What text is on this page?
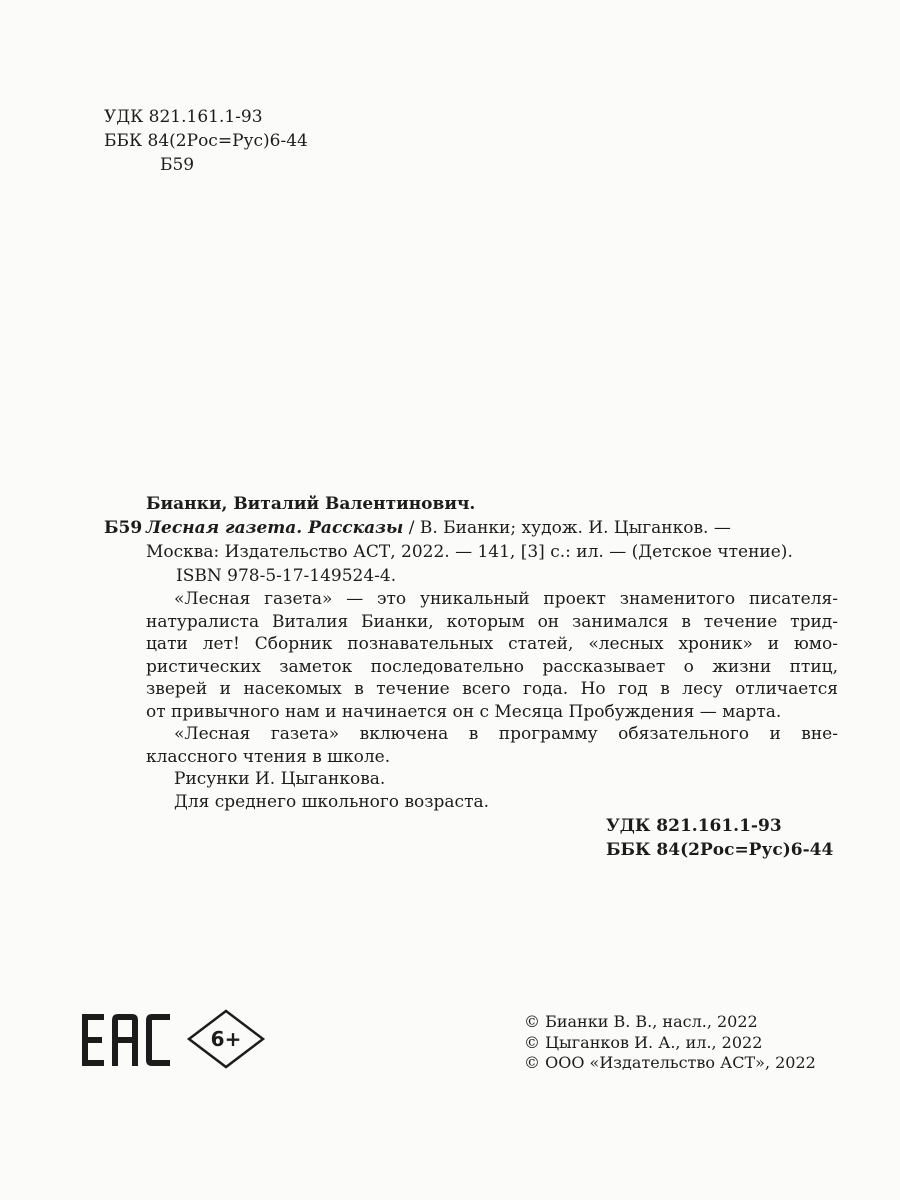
УДК 821.161.1-93
ББК 84(2Рос=Рус)6-44
Б59
Бианки, Виталий Валентинович.
Б59 Лесная газета. Рассказы / В. Бианки; худож. И. Цыганков. —
Москва: Издательство АСТ, 2022. — 141, [3] с.: ил. — (Детское чтение).
ISBN 978-5-17-149524-4.
«Лесная газета» — это уникальный проект знаменитого писателя-
натуралиста Виталия Бианки, которым он занимался в течение трид-
цати лет! Сборник познавательных статей, «лесных хроник» и юмо-
ристических заметок последовательно рассказывает о жизни птиц,
зверей и насекомых в течение всего года. Но год в лесу отличается
от привычного нам и начинается он с Месяца Пробуждения — марта.
«Лесная газета» включена в программу обязательного и вне-
классного чтения в школе.
Рисунки И. Цыганкова.
Для среднего школьного возраста.
УДК 821.161.1-93
ББК 84(2Рос=Рус)6-44
6+
© Бианки В. В., насл., 2022
© Цыганков И. А., ил., 2022
© ООО «Издательство АСТ», 2022
